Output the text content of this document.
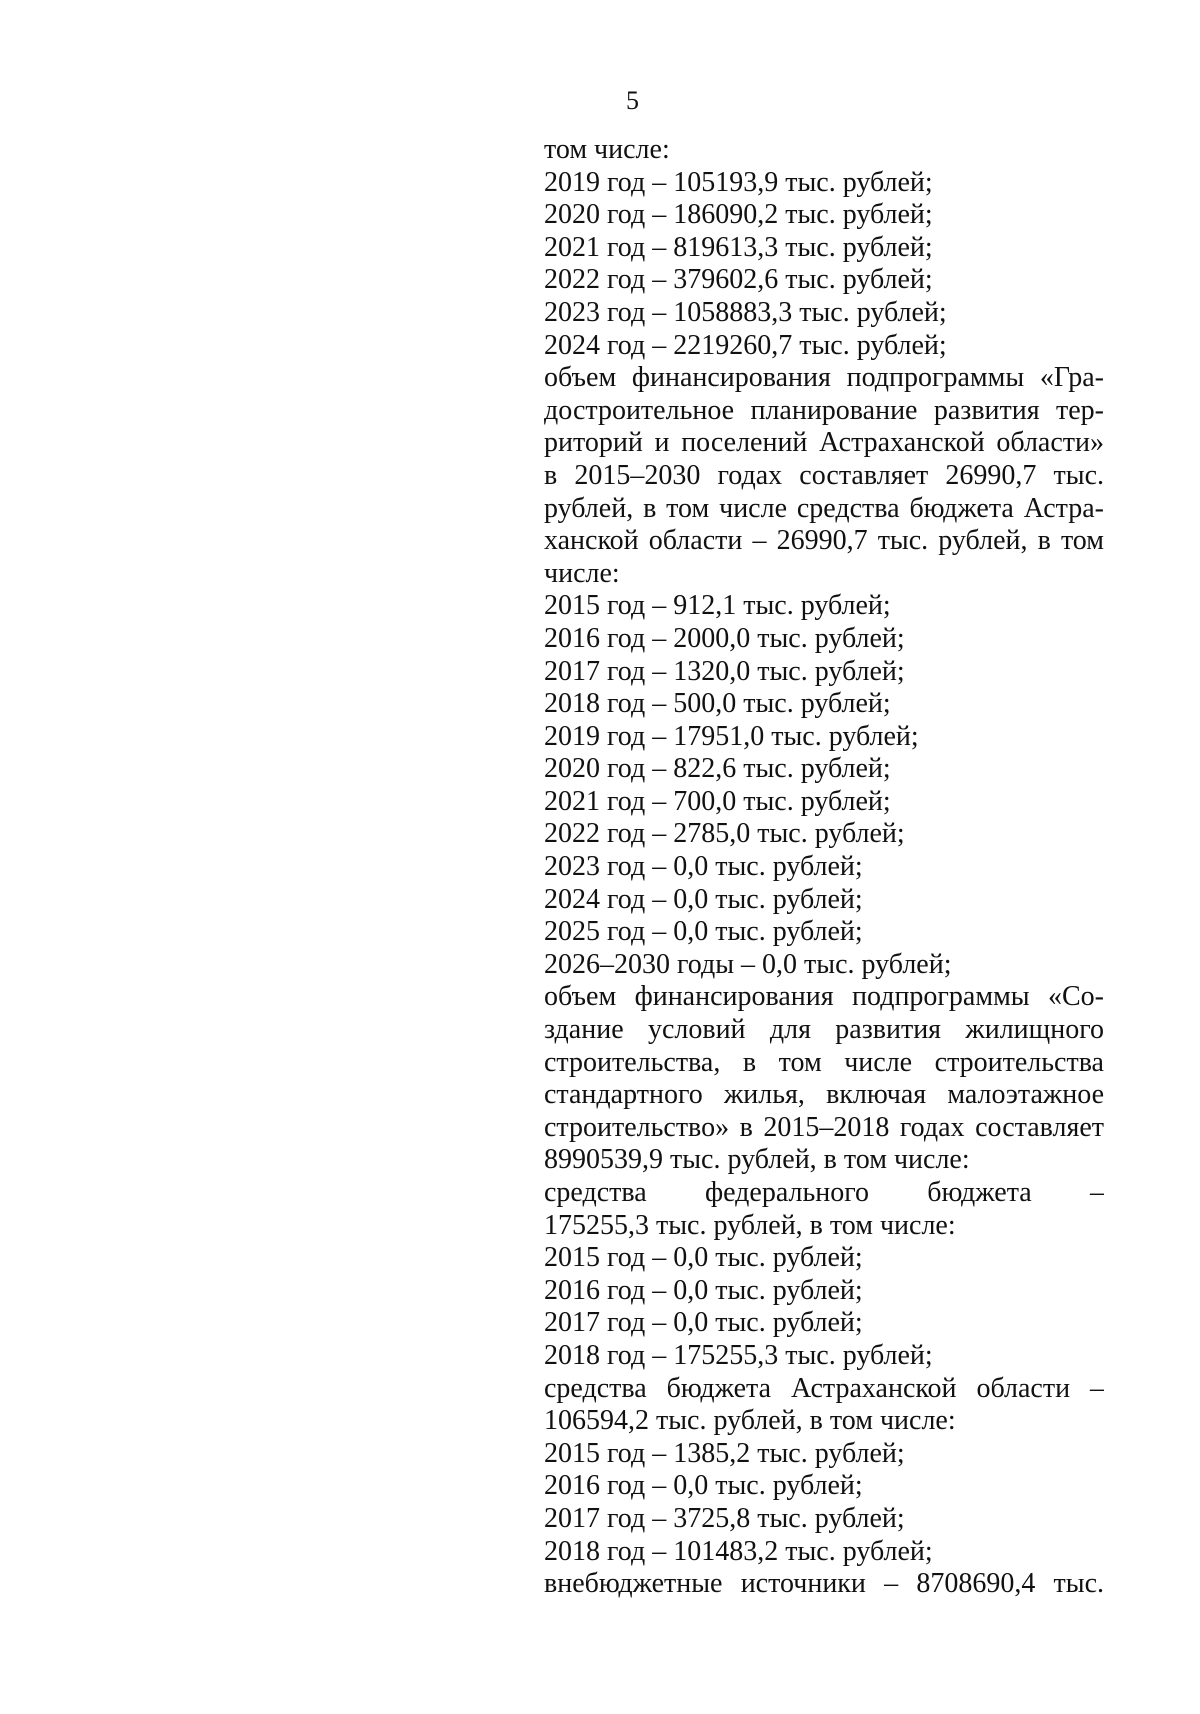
5
том числе:
2019 год – 105193,9 тыс. рублей;
2020 год – 186090,2 тыс. рублей;
2021 год – 819613,3 тыс. рублей;
2022 год – 379602,6 тыс. рублей;
2023 год – 1058883,3 тыс. рублей;
2024 год – 2219260,7 тыс. рублей;
объем финансирования подпрограммы «Гра-
достроительное планирование развития тер-
риторий и поселений Астраханской области»
в 2015–2030 годах составляет 26990,7 тыс.
рублей, в том числе средства бюджета Астра-
ханской области – 26990,7 тыс. рублей, в том
числе:
2015 год – 912,1 тыс. рублей;
2016 год – 2000,0 тыс. рублей;
2017 год – 1320,0 тыс. рублей;
2018 год – 500,0 тыс. рублей;
2019 год – 17951,0 тыс. рублей;
2020 год – 822,6 тыс. рублей;
2021 год – 700,0 тыс. рублей;
2022 год – 2785,0 тыс. рублей;
2023 год – 0,0 тыс. рублей;
2024 год – 0,0 тыс. рублей;
2025 год – 0,0 тыс. рублей;
2026–2030 годы – 0,0 тыс. рублей;
объем финансирования подпрограммы «Со-
здание условий для развития жилищного
строительства, в том числе строительства
стандартного жилья, включая малоэтажное
строительство» в 2015–2018 годах составляет
8990539,9 тыс. рублей, в том числе:
средства федерального бюджета –
175255,3 тыс. рублей, в том числе:
2015 год – 0,0 тыс. рублей;
2016 год – 0,0 тыс. рублей;
2017 год – 0,0 тыс. рублей;
2018 год – 175255,3 тыс. рублей;
средства бюджета Астраханской области –
106594,2 тыс. рублей, в том числе:
2015 год – 1385,2 тыс. рублей;
2016 год – 0,0 тыс. рублей;
2017 год – 3725,8 тыс. рублей;
2018 год – 101483,2 тыс. рублей;
внебюджетные источники – 8708690,4 тыс.
